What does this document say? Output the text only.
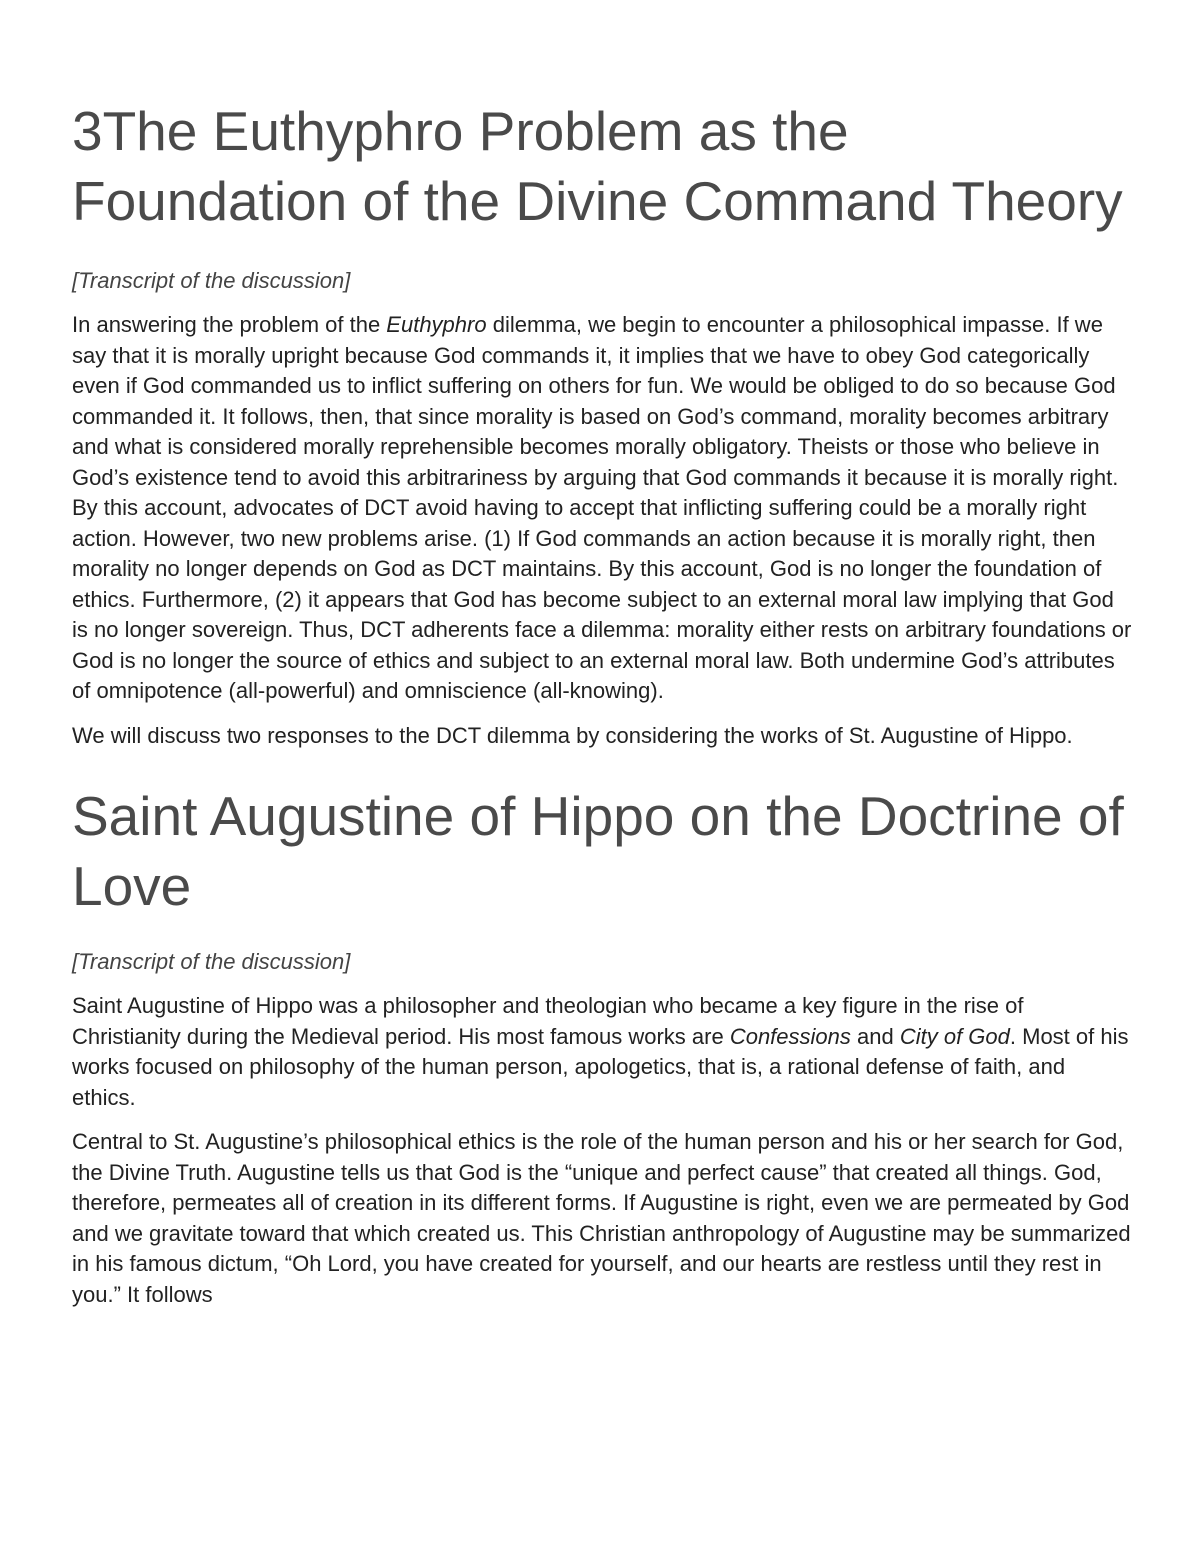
3The Euthyphro Problem as the Foundation of the Divine Command Theory

[Transcript of the discussion]

In answering the problem of the Euthyphro dilemma, we begin to encounter a philosophical impasse. If we say that it is morally upright because God commands it, it implies that we have to obey God categorically even if God commanded us to inflict suffering on others for fun. We would be obliged to do so because God commanded it. It follows, then, that since morality is based on God’s command, morality becomes arbitrary and what is considered morally reprehensible becomes morally obligatory. Theists or those who believe in God’s existence tend to avoid this arbitrariness by arguing that God commands it because it is morally right. By this account, advocates of DCT avoid having to accept that inflicting suffering could be a morally right action. However, two new problems arise. (1) If God commands an action because it is morally right, then morality no longer depends on God as DCT maintains. By this account, God is no longer the foundation of ethics. Furthermore, (2) it appears that God has become subject to an external moral law implying that God is no longer sovereign. Thus, DCT adherents face a dilemma: morality either rests on arbitrary foundations or God is no longer the source of ethics and subject to an external moral law. Both undermine God’s attributes of omnipotence (all-powerful) and omniscience (all-knowing).

We will discuss two responses to the DCT dilemma by considering the works of St. Augustine of Hippo.

Saint Augustine of Hippo on the Doctrine of Love

[Transcript of the discussion]

Saint Augustine of Hippo was a philosopher and theologian who became a key figure in the rise of Christianity during the Medieval period. His most famous works are Confessions and City of God. Most of his works focused on philosophy of the human person, apologetics, that is, a rational defense of faith, and ethics.

Central to St. Augustine’s philosophical ethics is the role of the human person and his or her search for God, the Divine Truth. Augustine tells us that God is the “unique and perfect cause” that created all things. God, therefore, permeates all of creation in its different forms. If Augustine is right, even we are permeated by God and we gravitate toward that which created us. This Christian anthropology of Augustine may be summarized in his famous dictum, “Oh Lord, you have created for yourself, and our hearts are restless until they rest in you.” It follows
